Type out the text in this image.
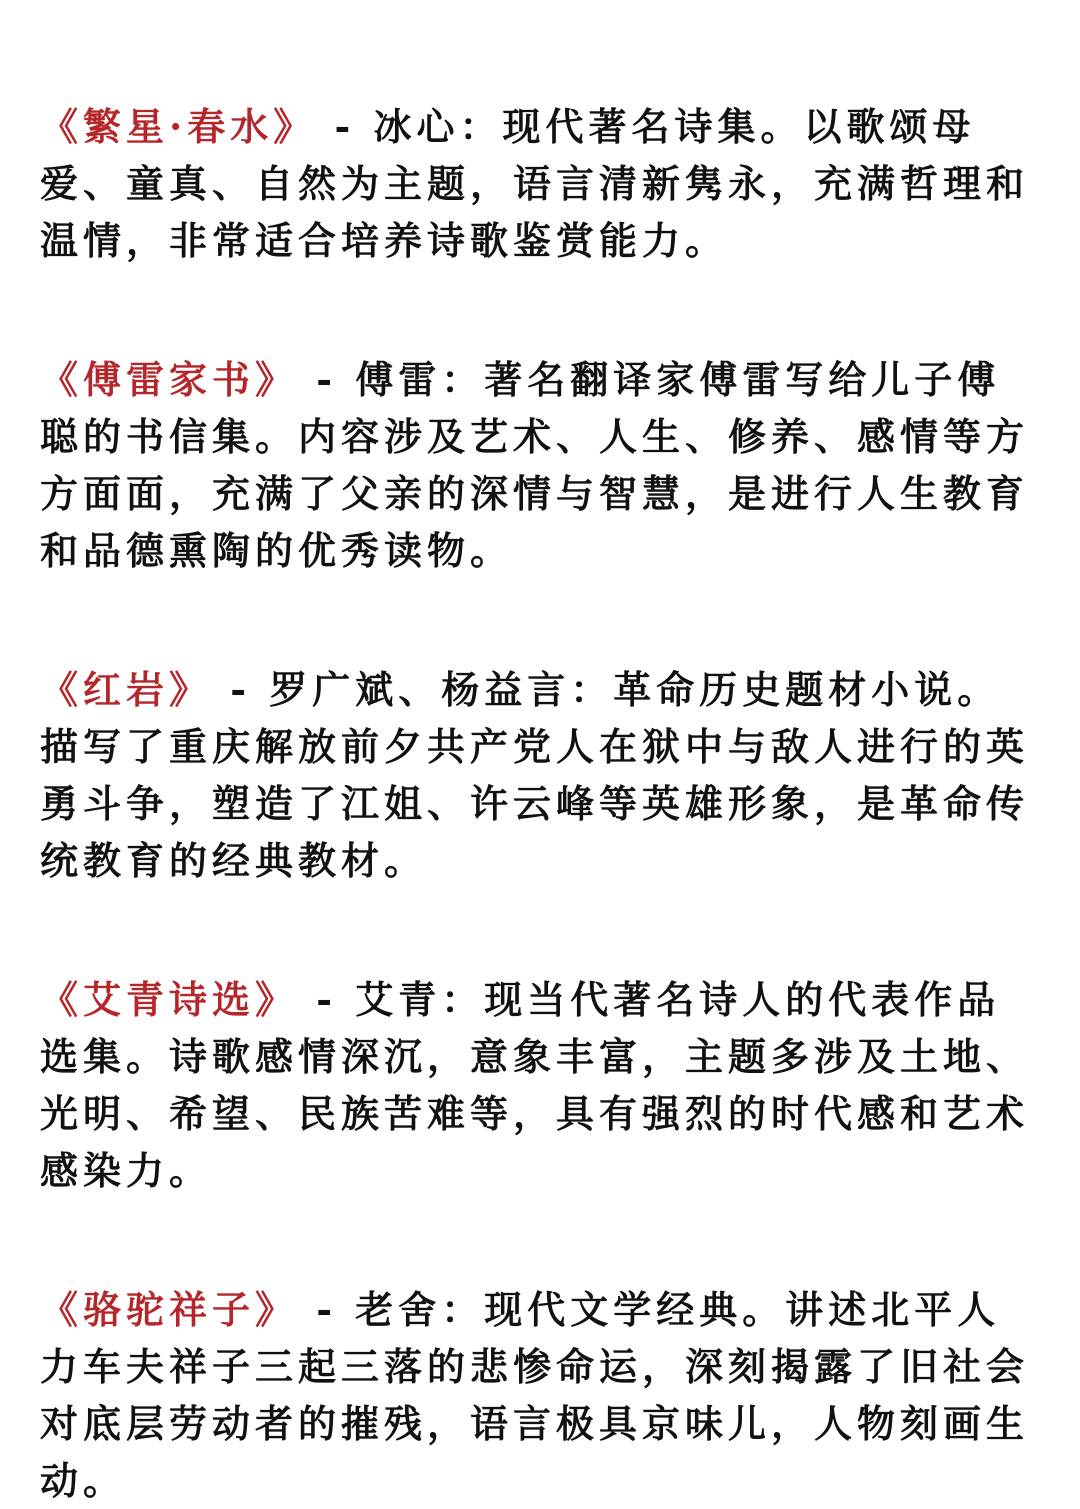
《繁星·春水》 - 冰心：现代著名诗集。以歌颂母爱、童真、自然为主题，语言清新隽永，充满哲理和温情，非常适合培养诗歌鉴赏能力。

《傅雷家书》 - 傅雷：著名翻译家傅雷写给儿子傅聪的书信集。内容涉及艺术、人生、修养、感情等方方面面，充满了父亲的深情与智慧，是进行人生教育和品德熏陶的优秀读物。

《红岩》 - 罗广斌、杨益言：革命历史题材小说。描写了重庆解放前夕共产党人在狱中与敌人进行的英勇斗争，塑造了江姐、许云峰等英雄形象，是革命传统教育的经典教材。

《艾青诗选》 - 艾青：现当代著名诗人的代表作品选集。诗歌感情深沉，意象丰富，主题多涉及土地、光明、希望、民族苦难等，具有强烈的时代感和艺术感染力。

《骆驼祥子》 - 老舍：现代文学经典。讲述北平人力车夫祥子三起三落的悲惨命运，深刻揭露了旧社会对底层劳动者的摧残，语言极具京味儿，人物刻画生动。
